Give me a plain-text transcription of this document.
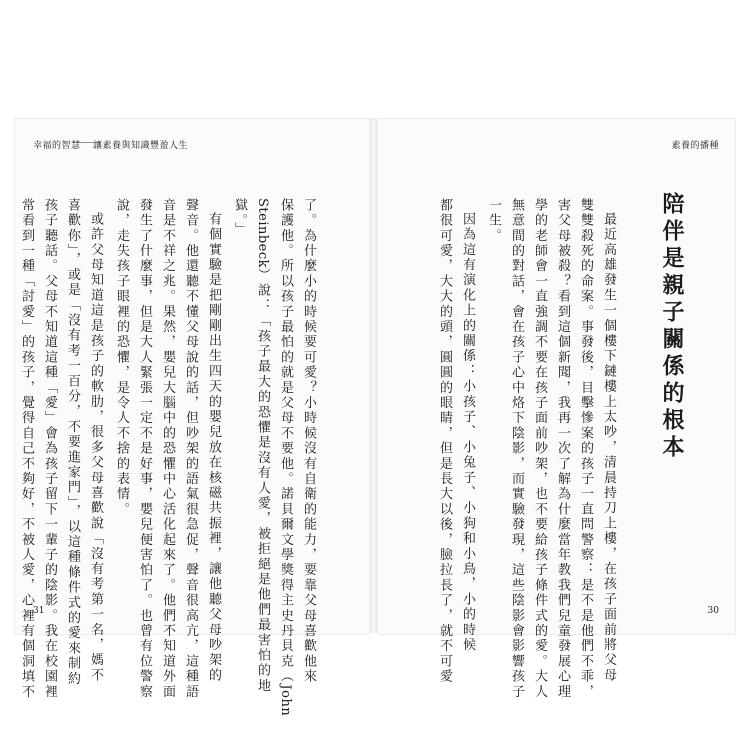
幸福的智慧
———
讓素養與知識豐盈人生	素養的播種
陪伴是親子關係的根本
最近高雄發生一個樓下鏈樓上太吵，清晨持刀上樓，在孩子面前將父母
雙雙殺死的命案。事發後，目擊慘案的孩子一直問警察：是不是他們不乖，
害父母被殺？看到這個新聞，我再一次了解為什麼當年教我們兒童發展心理
學的老師會一直強調不要在孩子面前吵架，也不要給孩子條件式的愛。大人
無意間的對話，會在孩子心中烙下陰影，而實驗發現，這些陰影會影響孩子
一生。
因為這有演化上的關係：小孩子、小兔子、小狗和小鳥，小的時候
都很可愛，大大的頭，圓圓的眼睛，但是長大以後，臉拉長了，就不可愛
了。為什麼小的時候要可愛？小時候沒有自衛的能力，要靠父母喜歡他來
保護他。所以孩子最怕的就是父母不要他。諾貝爾文學獎得主史丹貝克（John
Steinbeck）說：「孩子最大的恐懼是沒有人愛，被拒絕是他們最害怕的地
獄。」
有個實驗是把剛剛出生四天的嬰兒放在核磁共振裡，讓他聽父母吵架的
聲音。他還聽不懂父母說的話，但吵架的語氣很急促，聲音很高亢，這種語
音是不祥之兆。果然，嬰兒大腦中的恐懼中心活化起來了。他們不知道外面
發生了什麼事，但是大人緊張一定不是好事，嬰兒便害怕了。也曾有位警察
說，走失孩子眼裡的恐懼，是令人不捨的表情。
或許父母知道這是孩子的軟肋，很多父母喜歡說「沒有考第一名，媽不
喜歡你」，或是「沒有考一百分，不要進家門」，以這種條件式的愛來制約
孩子聽話。父母不知道這種「愛」會為孩子留下一輩子的陰影。我在校園裡
常看到一種「討愛」的孩子，覺得自己不夠好，不被人愛，心裡有個洞填不 31	30
